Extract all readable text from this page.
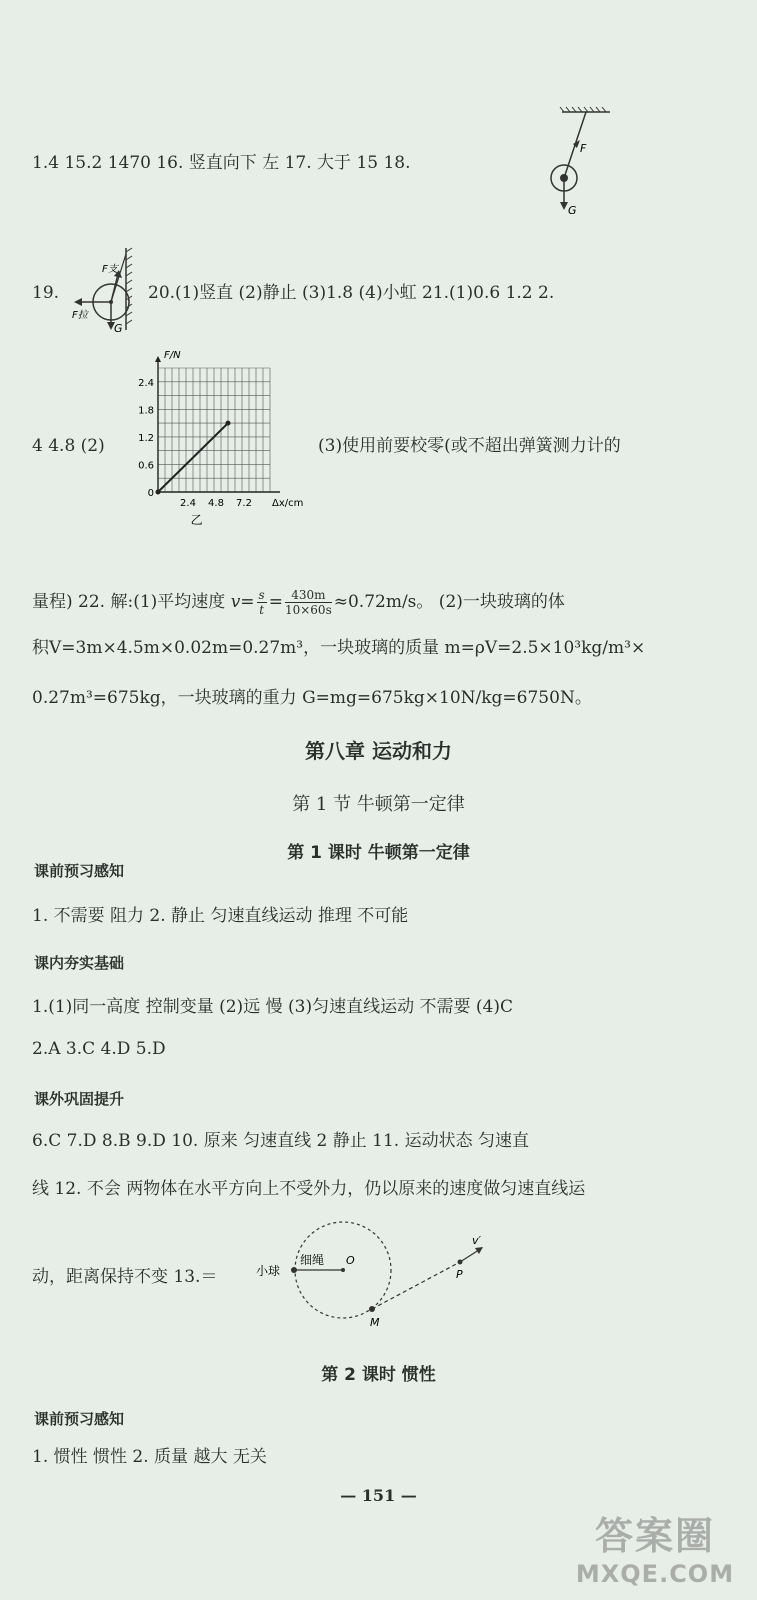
1.4 15.2 1470 16. 竖直向下 左 17. 大于 15 18.
F
G
19.
F支
F拉
G
20.(1)竖直 (2)静止 (3)1.8 (4)小虹 21.(1)0.6 1.2 2.
0.6
1.2
1.8
2.4
2.4 4.8 7.2
0
Δx/cm
F/N
乙
4 4.8 (2)	(3)使用前要校零(或不超出弹簧测力计的
量程) 22. 解:(1)平均速度 $v= \frac{s}{t} = \frac{430m}{10\times 60s} \approx 0.72m/s$。 (2)一块玻璃的体
积V=3m×4.5m×0.02m=0.27m³，一块玻璃的质量 m=ρV=2.5×10³kg/m³×
0.27m³=675kg，一块玻璃的重力 G=mg=675kg×10N/kg=6750N。
第八章 运动和力
第 1 节 牛顿第一定律
第 1 课时 牛顿第一定律
课前预习感知
1. 不需要 阻力 2. 静止 匀速直线运动 推理 不可能
课内夯实基础
1.(1)同一高度 控制变量 (2)远 慢 (3)匀速直线运动 不需要 (4)C
2.A 3.C 4.D 5.D
课外巩固提升
6.C 7.D 8.B 9.D 10. 原来 匀速直线 2 静止 11. 运动状态 匀速直
线 12. 不会 两物体在水平方向上不受外力，仍以原来的速度做匀速直线运
动，距离保持不变 13.＝	小球
细绳 O
M
P
v′
第 2 课时 惯性
课前预习感知
1. 惯性 惯性 2. 质量 越大 无关
— 151 —
答案圈
MXQE.COM
